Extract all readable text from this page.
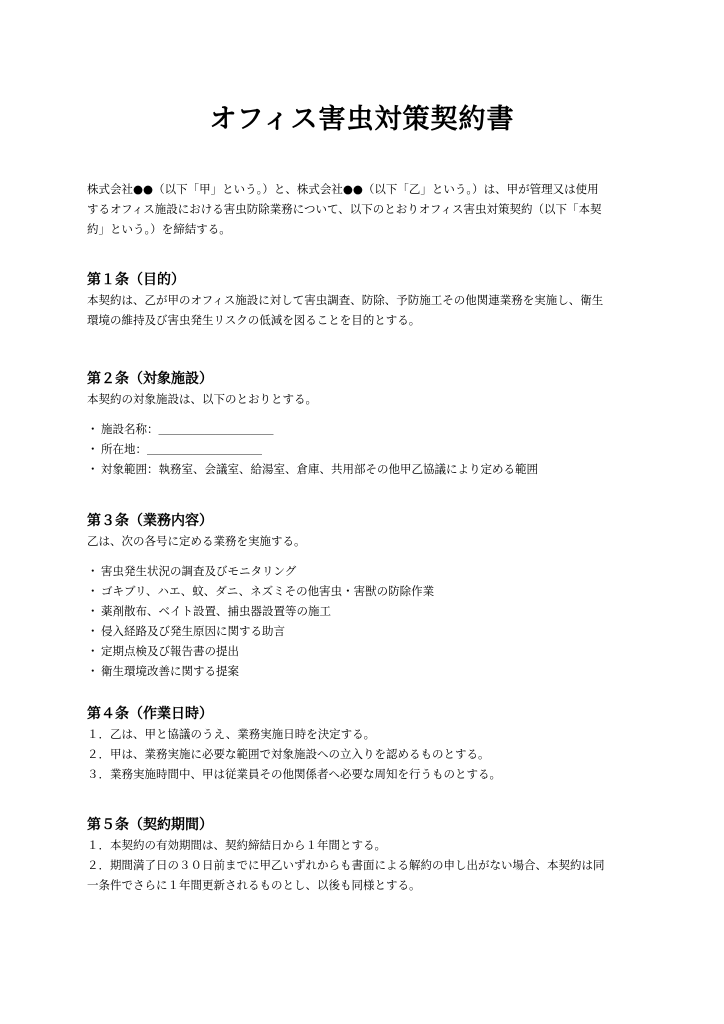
オフィス害虫対策契約書

株式会社●●（以下「甲」という。）と、株式会社●●（以下「乙」という。）は、甲が管理又は使用
するオフィス施設における害虫防除業務について、以下のとおりオフィス害虫対策契約（以下「本契
約」という。）を締結する。

第１条（目的）

本契約は、乙が甲のオフィス施設に対して害虫調査、防除、予防施工その他関連業務を実施し、衛生
環境の維持及び害虫発生リスクの低減を図ることを目的とする。

第２条（対象施設）

本契約の対象施設は、以下のとおりとする。

・ 施設名称：＿＿＿＿＿＿＿＿＿＿
・ 所在地：＿＿＿＿＿＿＿＿＿＿
・ 対象範囲：執務室、会議室、給湯室、倉庫、共用部その他甲乙協議により定める範囲
第３条（業務内容）

乙は、次の各号に定める業務を実施する。

・ 害虫発生状況の調査及びモニタリング
・ ゴキブリ、ハエ、蚊、ダニ、ネズミその他害虫・害獣の防除作業
・ 薬剤散布、ベイト設置、捕虫器設置等の施工
・ 侵入経路及び発生原因に関する助言
・ 定期点検及び報告書の提出
・ 衛生環境改善に関する提案
第４条（作業日時）
１．乙は、甲と協議のうえ、業務実施日時を決定する。
２．甲は、業務実施に必要な範囲で対象施設への立入りを認めるものとする。
３．業務実施時間中、甲は従業員その他関係者へ必要な周知を行うものとする。
第５条（契約期間）
１．本契約の有効期間は、契約締結日から１年間とする。
２．期間満了日の３０日前までに甲乙いずれからも書面による解約の申し出がない場合、本契約は同
一条件でさらに１年間更新されるものとし、以後も同様とする。
